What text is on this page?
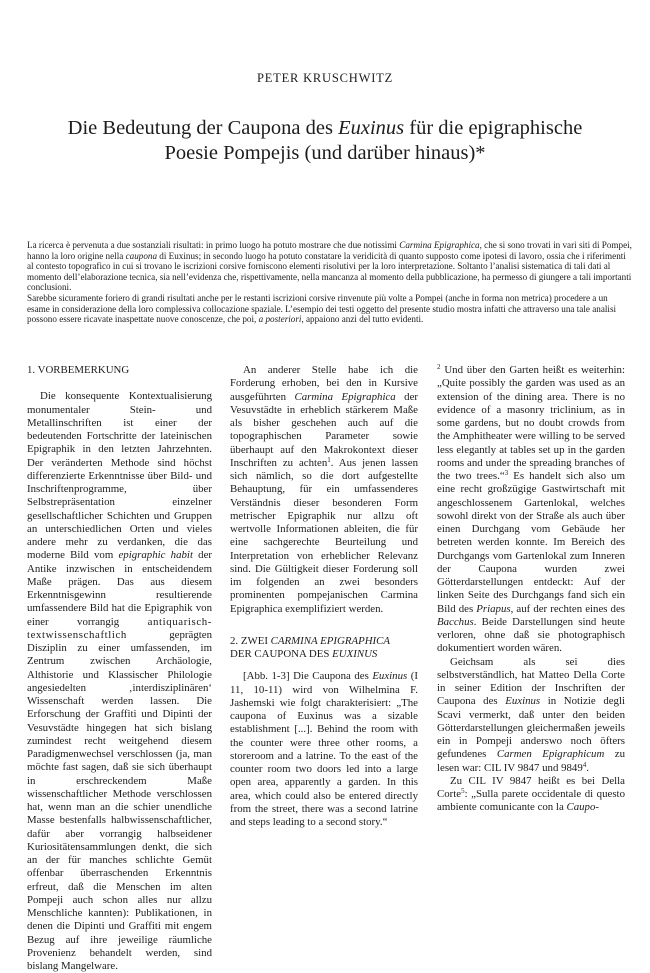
PETER KRUSCHWITZ
Die Bedeutung der Caupona des Euxinus für die epigraphische
Poesie Pompejis (und darüber hinaus)*

La ricerca è pervenuta a due sostanziali risultati: in primo luogo ha potuto mostrare che due notissimi Carmina Epigraphica, che si sono trovati in vari siti di Pompei, hanno la loro origine nella caupona di Euxinus; in secondo luogo ha potuto constatare la veridicità di quanto supposto come ipotesi di lavoro, ossia che i riferimenti al contesto topografico in cui si trovano le iscrizioni corsive forniscono elementi risolutivi per la loro interpretazione. Soltanto l’analisi sistematica di tali dati al momento dell’elaborazione tecnica, sia nell’evidenza che, rispettivamente, nella mancanza al momento della pubblicazione, ha permesso di giungere a tali importanti conclusioni.

Sarebbe sicuramente foriero di grandi risultati anche per le restanti iscrizioni corsive rinvenute più volte a Pompei (anche in forma non metrica) procedere a un esame in considerazione della loro complessiva collocazione spaziale. L’esempio dei testi oggetto del presente studio mostra infatti che attraverso una tale analisi possono essere ricavate inaspettate nuove conoscenze, che poi, a posteriori, appaiono anzi del tutto evidenti.

1. VORBEMERKUNG

Die konsequente Kontextualisierung monumentaler Stein- und Metallinschriften ist einer der bedeutenden Fortschritte der lateinischen Epigraphik in den letzten Jahrzehnten. Der veränderten Methode sind höchst differenzierte Erkenntnisse über Bild- und Inschriftenprogramme, über Selbstrepräsentation einzelner gesellschaftlicher Schichten und Gruppen an unterschiedlichen Orten und vieles andere mehr zu verdanken, die das moderne Bild vom epigraphic habit der Antike inzwischen in entscheidendem Maße prägen. Das aus diesem Erkenntnisgewinn resultierende umfassendere Bild hat die Epigraphik von einer vorrangig antiquarisch-textwissenschaftlich geprägten Disziplin zu einer umfassenden, im Zentrum zwischen Archäologie, Althistorie und Klassischer Philologie angesiedelten ‚interdisziplinären‘ Wissenschaft werden lassen. Die Erforschung der Graffiti und Dipinti der Vesuvstädte hingegen hat sich bislang zumindest recht weitgehend diesem Paradigmenwechsel verschlossen (ja, man möchte fast sagen, daß sie sich überhaupt in erschreckendem Maße wissenschaftlicher Methode verschlossen hat, wenn man an die schier unendliche Masse bestenfalls halbwissenschaftlicher, dafür aber vorrangig halbseidener Kuriositätensammlungen denkt, die sich an der für manches schlichte Gemüt offenbar überraschenden Erkenntnis erfreut, daß die Menschen im alten Pompeji auch schon alles nur allzu Menschliche kannten): Publikationen, in denen die Dipinti und Graffiti mit engem Bezug auf ihre jeweilige räumliche Provenienz behandelt werden, sind bislang Mangelware.

An anderer Stelle habe ich die Forderung erhoben, bei den in Kursive ausgeführten Carmina Epigraphica der Vesuvstädte in erheblich stärkerem Maße als bisher geschehen auch auf die topographischen Parameter sowie überhaupt auf den Makrokontext dieser Inschriften zu achten$^1$. Aus jenen lassen sich nämlich, so die dort aufgestellte Behauptung, für ein umfassenderes Verständnis dieser besonderen Form metrischer Epigraphik nur allzu oft wertvolle Informationen ableiten, die für eine sachgerechte Beurteilung und Interpretation von erheblicher Relevanz sind. Die Gültigkeit dieser Forderung soll im folgenden an zwei besonders prominenten pompejanischen Carmina Epigraphica exemplifiziert werden.

2. ZWEI CARMINA EPIGRAPHICA
DER CAUPONA DES EUXINUS

[Abb. 1-3] Die Caupona des Euxinus (I 11, 10-11) wird von Wilhelmina F. Jashemski wie folgt charakterisiert: „The caupona of Euxinus was a sizable establishment [...]. Behind the room with the counter were three other rooms, a storeroom and a latrine. To the east of the counter room two doors led into a large open area, apparently a garden. In this area, which could also be entered directly from the street, there was a second latrine and steps leading to a second story.“

$^2$ Und über den Garten heißt es weiterhin: „Quite possibly the garden was used as an extension of the dining area. There is no evidence of a masonry triclinium, as in some gardens, but no doubt crowds from the Amphitheater were willing to be served less elegantly at tables set up in the garden rooms and under the spreading branches of the two trees.“$^3$ Es handelt sich also um eine recht großzügige Gastwirtschaft mit angeschlossenem Gartenlokal, welches sowohl direkt von der Straße als auch über einen Durchgang vom Gebäude her betreten werden konnte. Im Bereich des Durchgangs vom Gartenlokal zum Inneren der Caupona wurden zwei Götterdarstellungen entdeckt: Auf der linken Seite des Durchgangs fand sich ein Bild des Priapus, auf der rechten eines des Bacchus. Beide Darstellungen sind heute verloren, ohne daß sie photographisch dokumentiert worden wären.

Geichsam als sei dies selbstverständlich, hat Matteo Della Corte in seiner Edition der Inschriften der Caupona des Euxinus in Notizie degli Scavi vermerkt, daß unter den beiden Götterdarstellungen gleichermaßen jeweils ein in Pompeji anderswo noch öfters gefundenes Carmen Epigraphicum zu lesen war: CIL IV 9847 und 9849$^4$.

Zu CIL IV 9847 heißt es bei Della Corte$^5$: „Sulla parete occidentale di questo ambiente comunicante con la Caupo-
